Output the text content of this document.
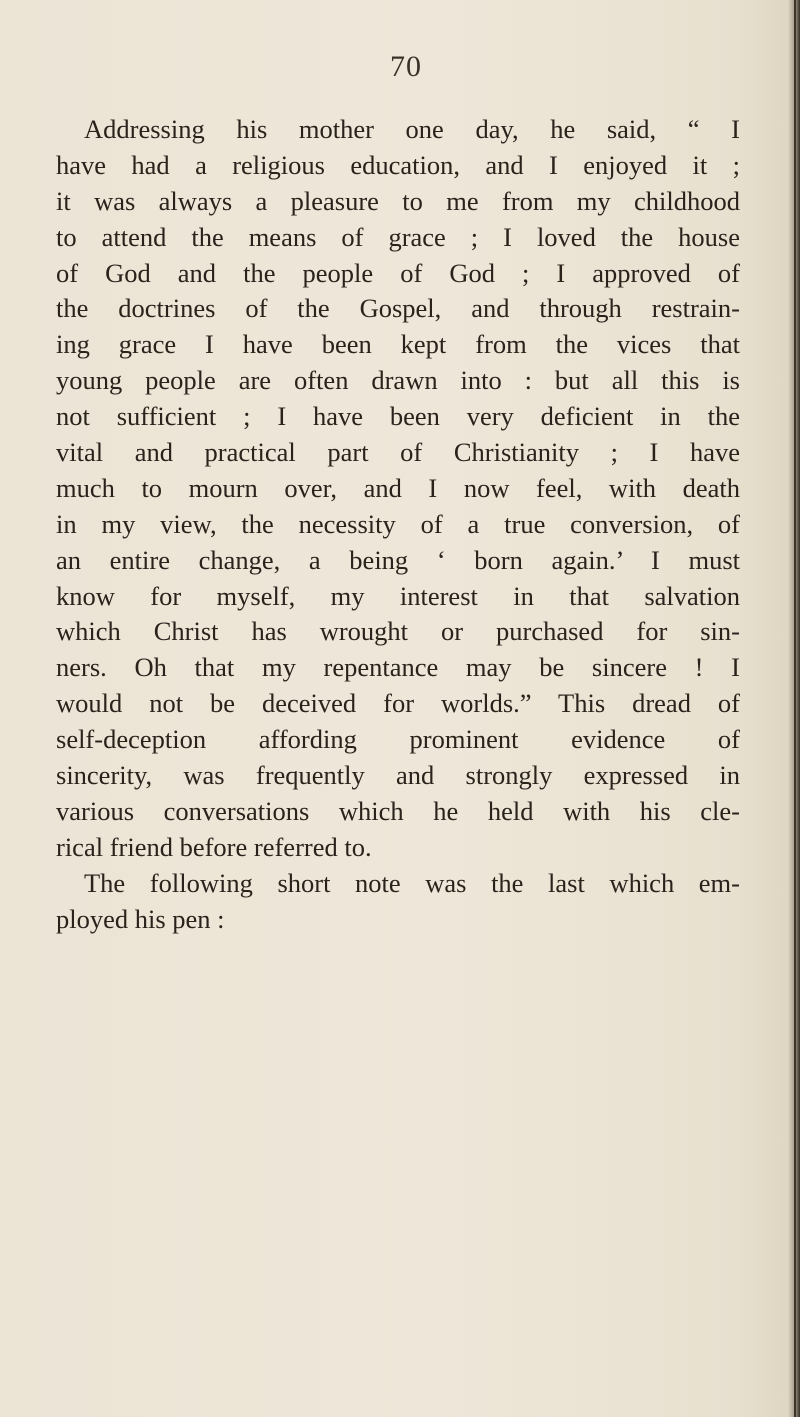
70
Addressing his mother one day, he said, “ I
have had a religious education, and I enjoyed it ;
it was always a pleasure to me from my childhood
to attend the means of grace ; I loved the house
of God and the people of God ; I approved of
the doctrines of the Gospel, and through restrain-
ing grace I have been kept from the vices that
young people are often drawn into : but all this is
not sufficient ; I have been very deficient in the
vital and practical part of Christianity ; I have
much to mourn over, and I now feel, with death
in my view, the necessity of a true conversion, of
an entire change, a being ‘ born again.’ I must
know for myself, my interest in that salvation
which Christ has wrought or purchased for sin-
ners. Oh that my repentance may be sincere ! I
would not be deceived for worlds.” This dread of
self-deception affording prominent evidence of
sincerity, was frequently and strongly expressed in
various conversations which he held with his cle-
rical friend before referred to.
The following short note was the last which em-
ployed his pen :
